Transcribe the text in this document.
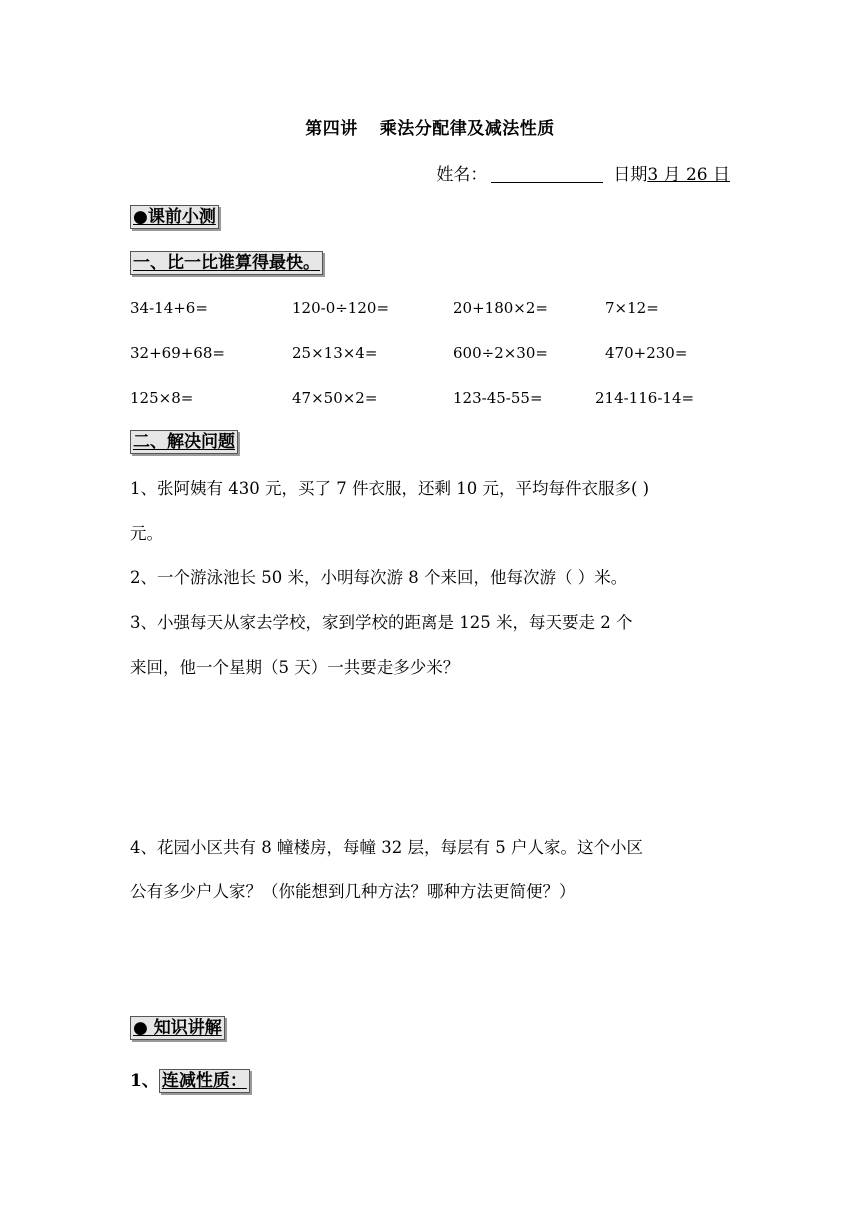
第四讲 乘法分配律及减法性质
姓名：	日期3 月 26 日
●课前小测
一、比一比谁算得最快。
34-14+6=	120-0÷120=	20+180×2=	7×12=
32+69+68=	25×13×4=	600÷2×30=	470+230=
125×8=	47×50×2=	123-45-55=	214-116-14=
二、解决问题
1、张阿姨有 430 元，买了 7 件衣服，还剩 10 元，平均每件衣服多( )
元。
2、一个游泳池长 50 米，小明每次游 8 个来回，他每次游（ ）米。
3、小强每天从家去学校，家到学校的距离是 125 米，每天要走 2 个
来回，他一个星期（5 天）一共要走多少米？
4、花园小区共有 8 幢楼房，每幢 32 层，每层有 5 户人家。这个小区
公有多少户人家？（你能想到几种方法？哪种方法更简便？）
● 知识讲解
1、 连减性质：
